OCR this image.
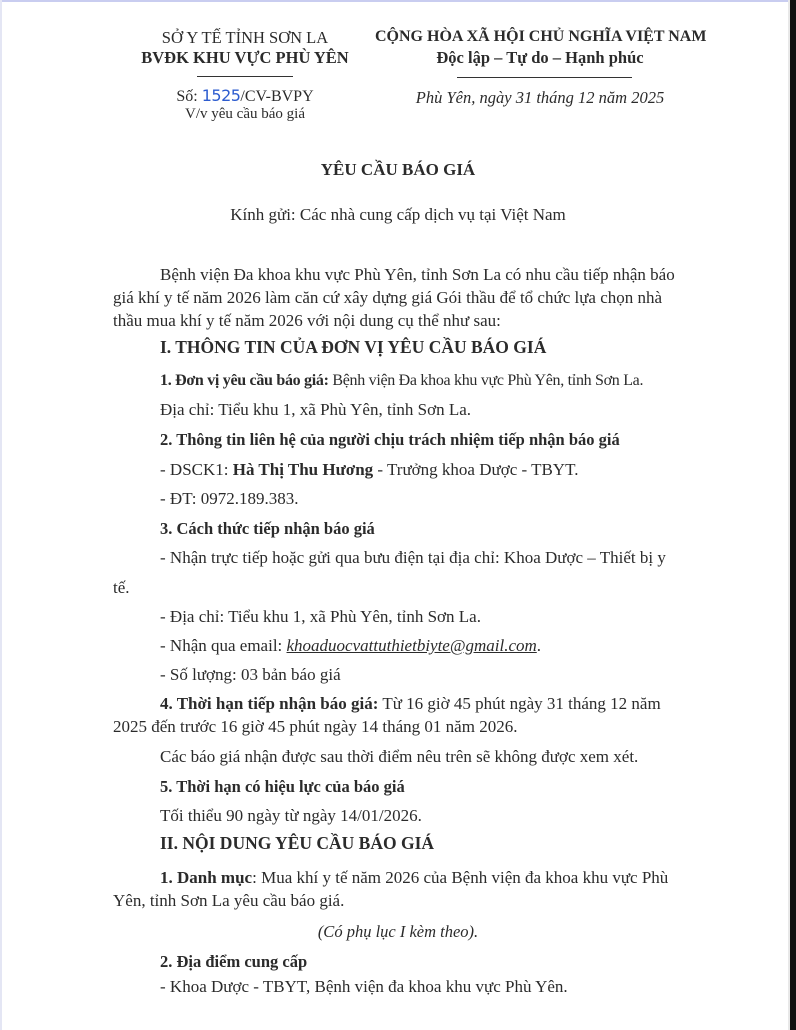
SỞ Y TẾ TỈNH SƠN LA
BVĐK KHU VỰC PHÙ YÊN
Số: 1525/CV-BVPY
V/v yêu cầu báo giá
CỘNG HÒA XÃ HỘI CHỦ NGHĨA VIỆT NAM
Độc lập – Tự do – Hạnh phúc
Phù Yên, ngày 31 tháng 12 năm 2025
YÊU CẦU BÁO GIÁ
Kính gửi: Các nhà cung cấp dịch vụ tại Việt Nam
Bệnh viện Đa khoa khu vực Phù Yên, tỉnh Sơn La có nhu cầu tiếp nhận báo
giá khí y tế năm 2026 làm căn cứ xây dựng giá Gói thầu để tổ chức lựa chọn nhà
thầu mua khí y tế năm 2026 với nội dung cụ thể như sau:
I. THÔNG TIN CỦA ĐƠN VỊ YÊU CẦU BÁO GIÁ
1. Đơn vị yêu cầu báo giá: Bệnh viện Đa khoa khu vực Phù Yên, tỉnh Sơn La.
Địa chỉ: Tiểu khu 1, xã Phù Yên, tỉnh Sơn La.
2. Thông tin liên hệ của người chịu trách nhiệm tiếp nhận báo giá
- DSCK1: Hà Thị Thu Hương - Trưởng khoa Dược - TBYT.
- ĐT: 0972.189.383.
3. Cách thức tiếp nhận báo giá
- Nhận trực tiếp hoặc gửi qua bưu điện tại địa chỉ: Khoa Dược – Thiết bị y
tế.
- Địa chỉ: Tiểu khu 1, xã Phù Yên, tỉnh Sơn La.
- Nhận qua email: khoaduocvattuthietbiyte@gmail.com.
- Số lượng: 03 bản báo giá
4. Thời hạn tiếp nhận báo giá: Từ 16 giờ 45 phút ngày 31 tháng 12 năm
2025 đến trước 16 giờ 45 phút ngày 14 tháng 01 năm 2026.
Các báo giá nhận được sau thời điểm nêu trên sẽ không được xem xét.
5. Thời hạn có hiệu lực của báo giá
Tối thiểu 90 ngày từ ngày 14/01/2026.
II. NỘI DUNG YÊU CẦU BÁO GIÁ
1. Danh mục: Mua khí y tế năm 2026 của Bệnh viện đa khoa khu vực Phù
Yên, tỉnh Sơn La yêu cầu báo giá.
(Có phụ lục I kèm theo).
2. Địa điểm cung cấp
- Khoa Dược - TBYT, Bệnh viện đa khoa khu vực Phù Yên.
